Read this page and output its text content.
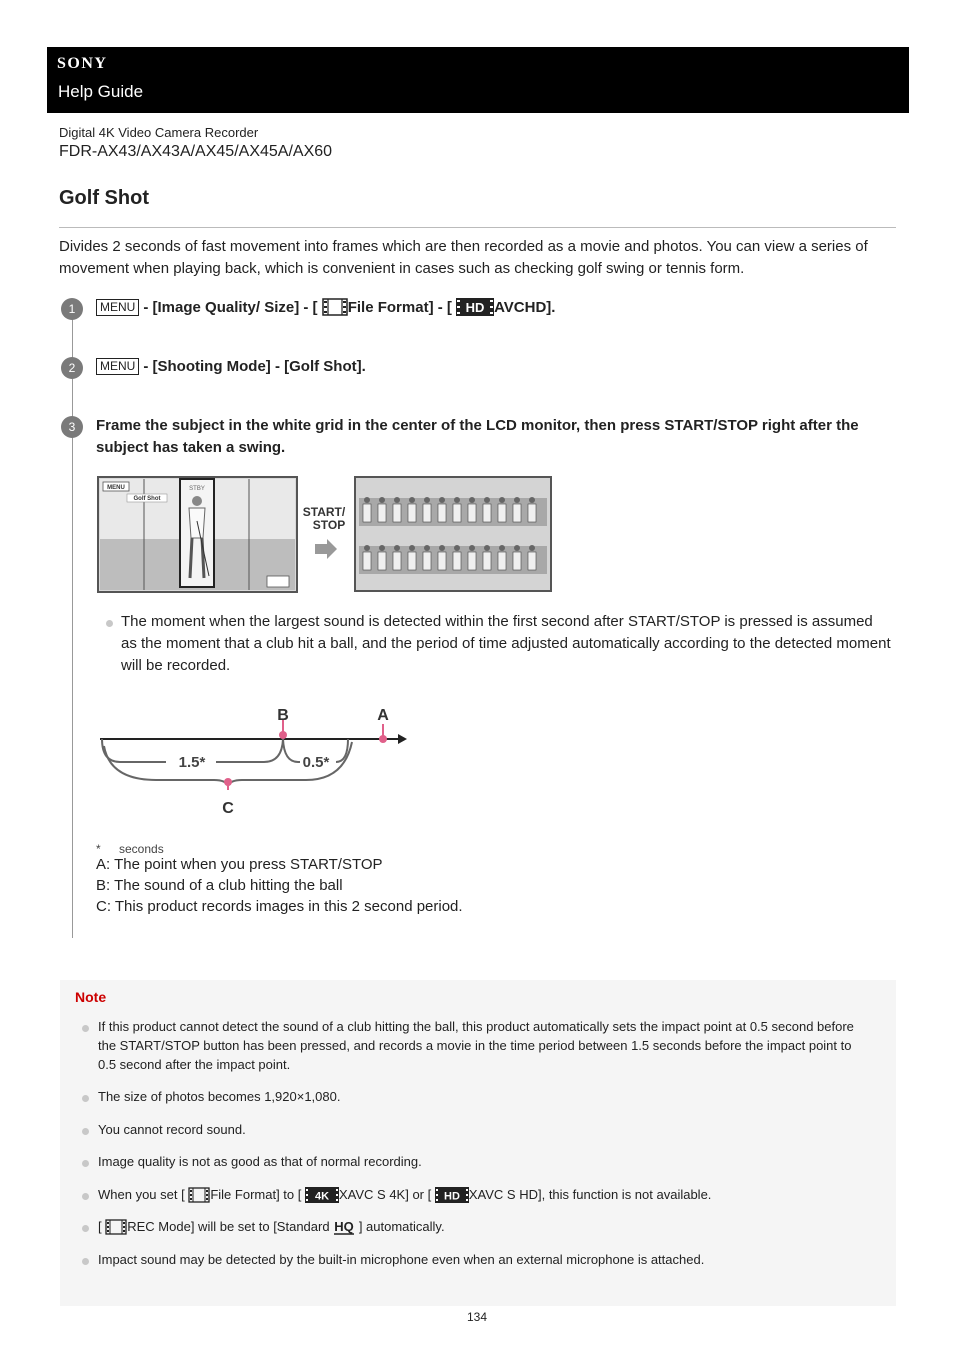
SONY
Help Guide
Digital 4K Video Camera Recorder
FDR-AX43/AX43A/AX45/AX45A/AX60
Golf Shot
Divides 2 seconds of fast movement into frames which are then recorded as a movie and photos. You can view a series of movement when playing back, which is convenient in cases such as checking golf swing or tennis form.
1	MENU - [Image Quality/ Size] - [ File Format] - [ HD AVCHD].
2	MENU - [Shooting Mode] - [Golf Shot].
3	Frame the subject in the white grid in the center of the LCD monitor, then press START/STOP right after the subject has taken a swing.
MENU
Golf Shot
STBY
START/
STOP
The moment when the largest sound is detected within the first second after START/STOP is pressed is assumed as the moment that a club hit a ball, and the period of time adjusted automatically according to the detected moment will be recorded.
B	A
C
1.5*	0.5*
* seconds
A: The point when you press START/STOP
B: The sound of a club hitting the ball
C: This product records images in this 2 second period.
Note
If this product cannot detect the sound of a club hitting the ball, this product automatically sets the impact point at 0.5 second before the START/STOP button has been pressed, and records a movie in the time period between 1.5 seconds before the impact point to 0.5 second after the impact point.
The size of photos becomes 1,920×1,080.
You cannot record sound.
Image quality is not as good as that of normal recording.
When you set [ File Format] to [ 4K XAVC S 4K] or [ HD XAVC S HD], this function is not available.
[ REC Mode] will be set to [Standard HQ ] automatically.
Impact sound may be detected by the built-in microphone even when an external microphone is attached.
134
